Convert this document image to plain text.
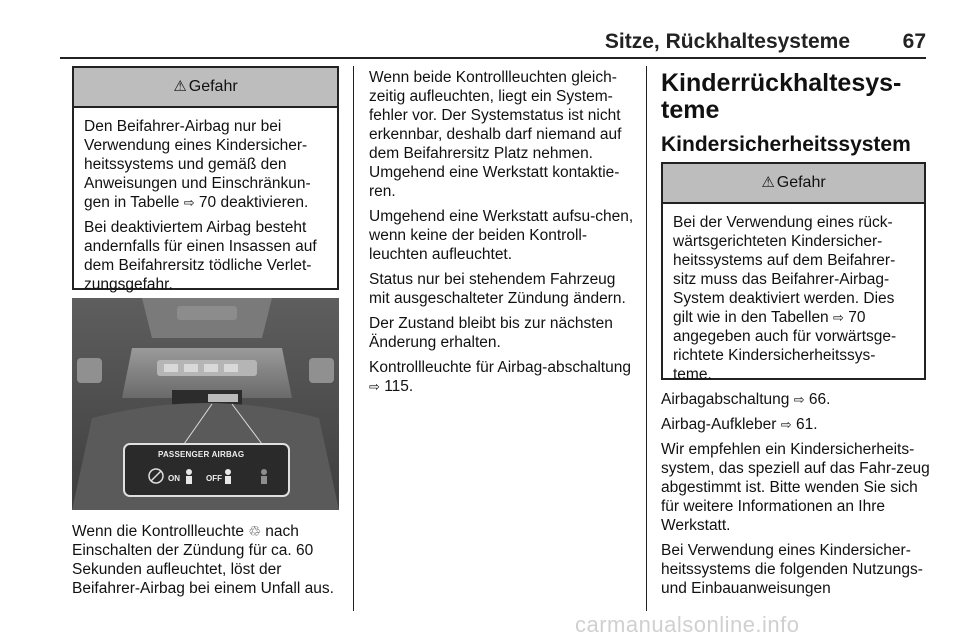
Sitze, Rückhaltesysteme	67
⚠ Gefahr

Den Beifahrer-Airbag nur bei Verwendung eines Kindersicher-heitssystems und gemäß den Anweisungen und Einschränkun-gen in Tabelle ⇨ 70 deaktivieren.

Bei deaktiviertem Airbag besteht andernfalls für einen Insassen auf dem Beifahrersitz tödliche Verlet-zungsgefahr.

PASSENGER AIRBAG
ON	OFF
Wenn die Kontrollleuchte ♲ nach Einschalten der Zündung für ca. 60 Sekunden aufleuchtet, löst der Beifahrer-Airbag bei einem Unfall aus.

Wenn beide Kontrollleuchten gleich-zeitig aufleuchten, liegt ein System-fehler vor. Der Systemstatus ist nicht erkennbar, deshalb darf niemand auf dem Beifahrersitz Platz nehmen. Umgehend eine Werkstatt kontaktie-ren.

Umgehend eine Werkstatt aufsu-chen, wenn keine der beiden Kontroll-leuchten aufleuchtet.

Status nur bei stehendem Fahrzeug mit ausgeschalteter Zündung ändern.

Der Zustand bleibt bis zur nächsten Änderung erhalten.

Kontrollleuchte für Airbag-abschaltung ⇨ 115.

Kinderrückhaltesys-teme
Kindersicherheitssystem
⚠ Gefahr

Bei der Verwendung eines rück-wärtsgerichteten Kindersicher-heitssystems auf dem Beifahrer-sitz muss das Beifahrer-Airbag-System deaktiviert werden. Dies gilt wie in den Tabellen ⇨ 70 angegeben auch für vorwärtsge-richtete Kindersicherheitssys-teme.

Airbagabschaltung ⇨ 66.

Airbag-Aufkleber ⇨ 61.

Wir empfehlen ein Kindersicherheits-system, das speziell auf das Fahr-zeug abgestimmt ist. Bitte wenden Sie sich für weitere Informationen an Ihre Werkstatt.

Bei Verwendung eines Kindersicher-heitssystems die folgenden Nutzungs- und Einbauanweisungen

carmanualsonline.info
